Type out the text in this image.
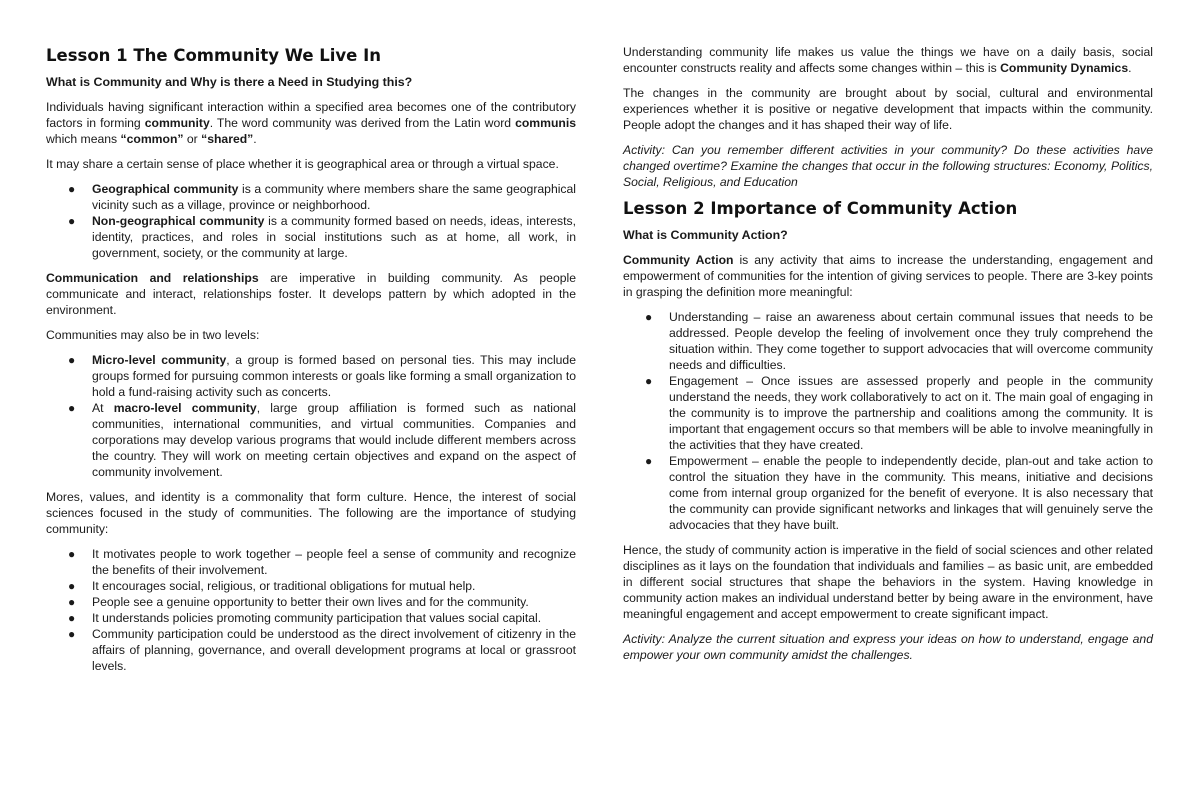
Lesson 1 The Community We Live In
What is Community and Why is there a Need in Studying this?

Individuals having significant interaction within a specified area becomes one of the contributory factors in forming community. The word community was derived from the Latin word communis which means “common” or “shared”.

It may share a certain sense of place whether it is geographical area or through a virtual space.

● Geographical community is a community where members share the same geographical vicinity such as a village, province or neighborhood.
● Non-geographical community is a community formed based on needs, ideas, interests, identity, practices, and roles in social institutions such as at home, all work, in government, society, or the community at large.

Communication and relationships are imperative in building community. As people communicate and interact, relationships foster. It develops pattern by which adopted in the environment.

Communities may also be in two levels:

● Micro-level community, a group is formed based on personal ties. This may include groups formed for pursuing common interests or goals like forming a small organization to hold a fund-raising activity such as concerts.
● At macro-level community, large group affiliation is formed such as national communities, international communities, and virtual communities. Companies and corporations may develop various programs that would include different members across the country. They will work on meeting certain objectives and expand on the aspect of community involvement.

Mores, values, and identity is a commonality that form culture. Hence, the interest of social sciences focused in the study of communities. The following are the importance of studying community:

● It motivates people to work together – people feel a sense of community and recognize the benefits of their involvement.
● It encourages social, religious, or traditional obligations for mutual help.
● People see a genuine opportunity to better their own lives and for the community.
● It understands policies promoting community participation that values social capital.
● Community participation could be understood as the direct involvement of citizenry in the affairs of planning, governance, and overall development programs at local or grassroot levels.

Understanding community life makes us value the things we have on a daily basis, social encounter constructs reality and affects some changes within – this is Community Dynamics.

The changes in the community are brought about by social, cultural and environmental experiences whether it is positive or negative development that impacts within the community. People adopt the changes and it has shaped their way of life.

Activity: Can you remember different activities in your community? Do these activities have changed overtime? Examine the changes that occur in the following structures: Economy, Politics, Social, Religious, and Education

Lesson 2 Importance of Community Action
What is Community Action?

Community Action is any activity that aims to increase the understanding, engagement and empowerment of communities for the intention of giving services to people. There are 3-key points in grasping the definition more meaningful:

● Understanding – raise an awareness about certain communal issues that needs to be addressed. People develop the feeling of involvement once they truly comprehend the situation within. They come together to support advocacies that will overcome community needs and difficulties.
● Engagement – Once issues are assessed properly and people in the community understand the needs, they work collaboratively to act on it. The main goal of engaging in the community is to improve the partnership and coalitions among the community. It is important that engagement occurs so that members will be able to involve meaningfully in the activities that they have created.
● Empowerment – enable the people to independently decide, plan-out and take action to control the situation they have in the community. This means, initiative and decisions come from internal group organized for the benefit of everyone. It is also necessary that the community can provide significant networks and linkages that will genuinely serve the advocacies that they have built.

Hence, the study of community action is imperative in the field of social sciences and other related disciplines as it lays on the foundation that individuals and families – as basic unit, are embedded in different social structures that shape the behaviors in the system. Having knowledge in community action makes an individual understand better by being aware in the environment, have meaningful engagement and accept empowerment to create significant impact.

Activity: Analyze the current situation and express your ideas on how to understand, engage and empower your own community amidst the challenges.
